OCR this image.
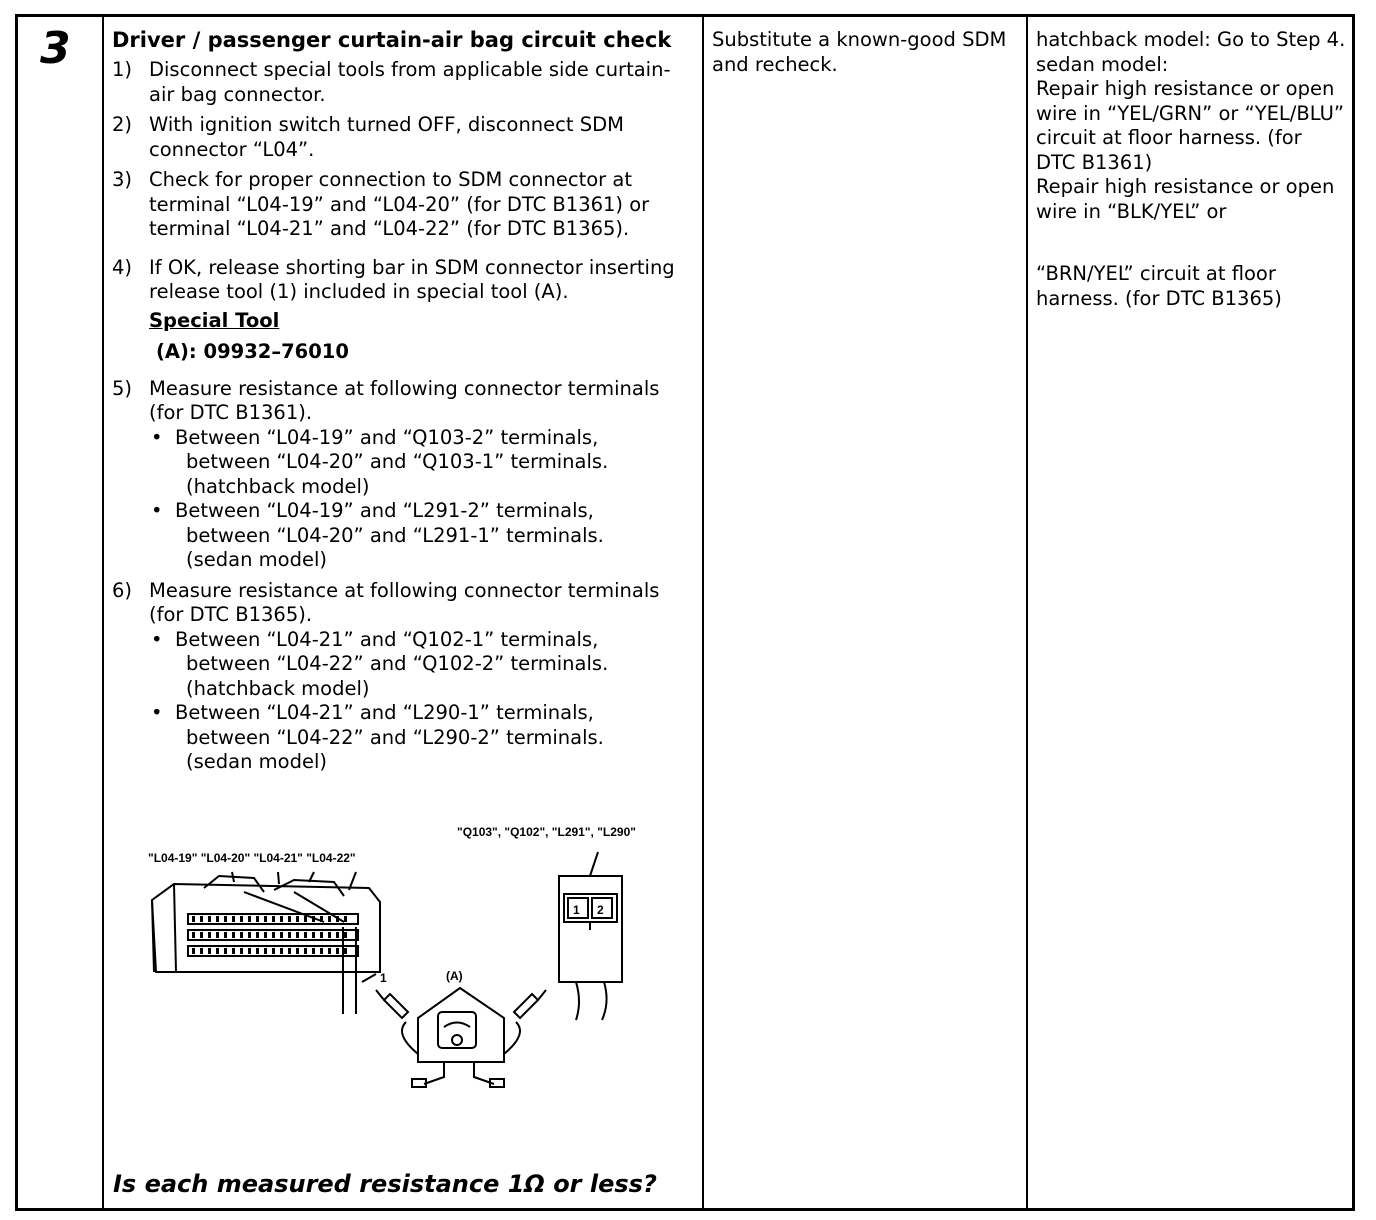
3 Driver / passenger curtain-air bag circuit check
1) Disconnect special tools from applicable side curtain-air bag connector.
2) With ignition switch turned OFF, disconnect SDM connector “L04”.
3) Check for proper connection to SDM connector at terminal “L04-19” and “L04-20” (for DTC B1361) or terminal “L04-21” and “L04-22” (for DTC B1365).
4) If OK, release shorting bar in SDM connector inserting release tool (1) included in special tool (A).
Special Tool
(A): 09932–76010
5) Measure resistance at following connector terminals (for DTC B1361).
• Between “L04-19” and “Q103-2” terminals,
between “L04-20” and “Q103-1” terminals.
(hatchback model)
• Between “L04-19” and “L291-2” terminals,
between “L04-20” and “L291-1” terminals.
(sedan model)
6) Measure resistance at following connector terminals (for DTC B1365).
• Between “L04-21” and “Q102-1” terminals,
between “L04-22” and “Q102-2” terminals.
(hatchback model)
• Between “L04-21” and “L290-1” terminals,
between “L04-22” and “L290-2” terminals.
(sedan model)
"Q103", "Q102", "L291", "L290"
"L04-19" "L04-20" "L04-21" "L04-22"
1	(A)
1 2
Is each measured resistance 1Ω or less?

Substitute a known-good SDM and recheck.

hatchback model: Go to Step 4.

sedan model:

Repair high resistance or open wire in “YEL/GRN” or “YEL/BLU” circuit at floor harness. (for DTC B1361)

Repair high resistance or open wire in “BLK/YEL” or

“BRN/YEL” circuit at floor harness. (for DTC B1365)
